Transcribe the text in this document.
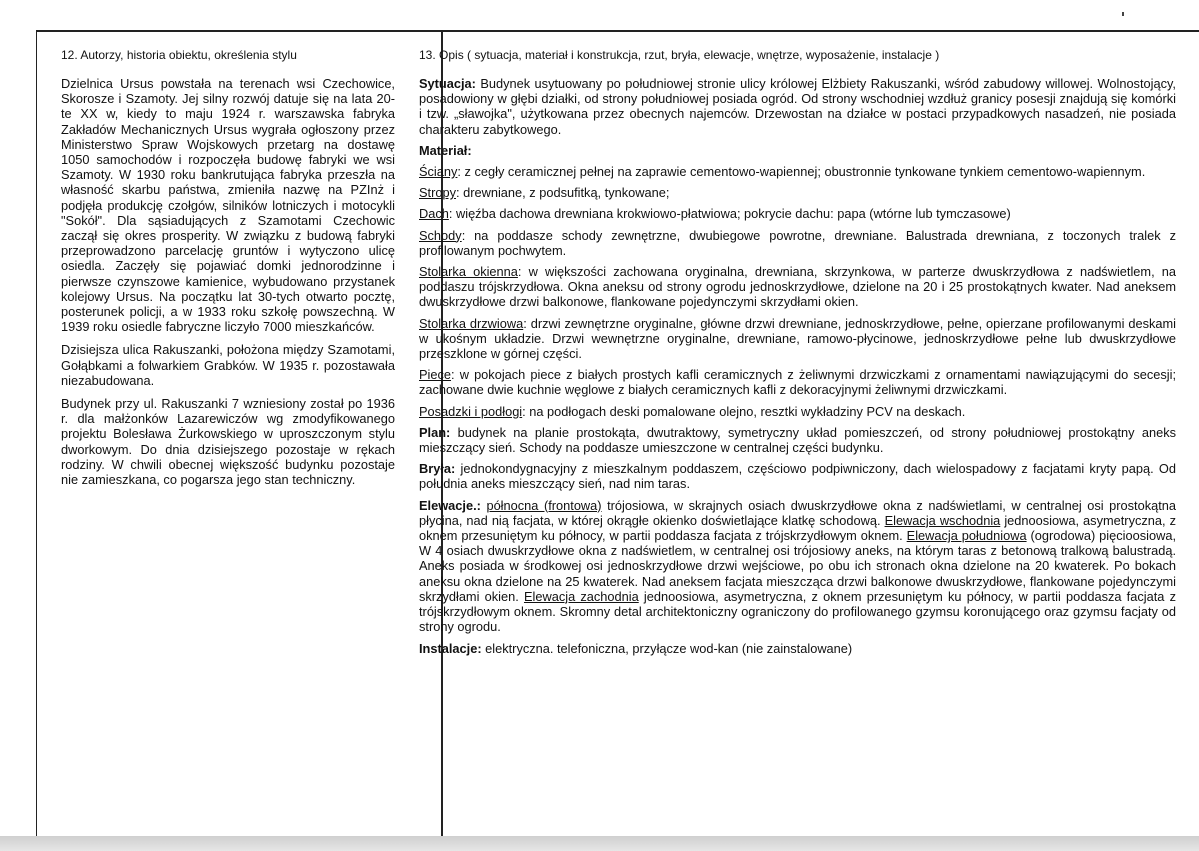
12. Autorzy, historia obiektu, określenia stylu

Dzielnica Ursus powstała na terenach wsi Czechowice, Skorosze i Szamoty. Jej silny rozwój datuje się na lata 20-te XX w, kiedy to maju 1924 r. warszawska fabryka Zakładów Mechanicznych Ursus wygrała ogłoszony przez Ministerstwo Spraw Wojskowych przetarg na dostawę 1050 samochodów i rozpoczęła budowę fabryki we wsi Szamoty. W 1930 roku bankrutująca fabryka przeszła na własność skarbu państwa, zmieniła nazwę na PZInż i podjęła produkcję czołgów, silników lotniczych i motocykli "Sokół". Dla sąsiadujących z Szamotami Czechowic zaczął się okres prosperity. W związku z budową fabryki przeprowadzono parcelację gruntów i wytyczono ulicę osiedla. Zaczęły się pojawiać domki jednorodzinne i pierwsze czynszowe kamienice, wybudowano przystanek kolejowy Ursus. Na początku lat 30-tych otwarto pocztę, posterunek policji, a w 1933 roku szkołę powszechną. W 1939 roku osiedle fabryczne liczyło 7000 mieszkańców.

Dzisiejsza ulica Rakuszanki, położona między Szamotami, Gołąbkami a folwarkiem Grabków. W 1935 r. pozostawała niezabudowana.

Budynek przy ul. Rakuszanki 7 wzniesiony został po 1936 r. dla małżonków Lazarewiczów wg zmodyfikowanego projektu Bolesława Żurkowskiego w uproszczonym stylu dworkowym. Do dnia dzisiejszego pozostaje w rękach rodziny. W chwili obecnej większość budynku pozostaje nie zamieszkana, co pogarsza jego stan techniczny.

13. Opis ( sytuacja, materiał i konstrukcja, rzut, bryła, elewacje, wnętrze, wyposażenie, instalacje )

Sytuacja: Budynek usytuowany po południowej stronie ulicy królowej Elżbiety Rakuszanki, wśród zabudowy willowej. Wolnostojący, posadowiony w głębi działki, od strony południowej posiada ogród. Od strony wschodniej wzdłuż granicy posesji znajdują się komórki i tzw. „sławojka", użytkowana przez obecnych najemców. Drzewostan na działce w postaci przypadkowych nasadzeń, nie posiada charakteru zabytkowego.

Materiał:

Ściany: z cegły ceramicznej pełnej na zaprawie cementowo-wapiennej; obustronnie tynkowane tynkiem cementowo-wapiennym.

Stropy: drewniane, z podsufitką, tynkowane;

Dach: więźba dachowa drewniana krokwiowo-płatwiowa; pokrycie dachu: papa (wtórne lub tymczasowe)

Schody: na poddasze schody zewnętrzne, dwubiegowe powrotne, drewniane. Balustrada drewniana, z toczonych tralek z profilowanym pochwytem.

Stolarka okienna: w większości zachowana oryginalna, drewniana, skrzynkowa, w parterze dwuskrzydłowa z nadświetlem, na poddaszu trójskrzydłowa. Okna aneksu od strony ogrodu jednoskrzydłowe, dzielone na 20 i 25 prostokątnych kwater. Nad aneksem dwuskrzydłowe drzwi balkonowe, flankowane pojedynczymi skrzydłami okien.

Stolarka drzwiowa: drzwi zewnętrzne oryginalne, główne drzwi drewniane, jednoskrzydłowe, pełne, opierzane profilowanymi deskami w ukośnym układzie. Drzwi wewnętrzne oryginalne, drewniane, ramowo-płycinowe, jednoskrzydłowe pełne lub dwuskrzydłowe przeszklone w górnej części.

Piece: w pokojach piece z białych prostych kafli ceramicznych z żeliwnymi drzwiczkami z ornamentami nawiązującymi do secesji; zachowane dwie kuchnie węglowe z białych ceramicznych kafli z dekoracyjnymi żeliwnymi drzwiczkami.

Posadzki i podłogi: na podłogach deski pomalowane olejno, resztki wykładziny PCV na deskach.

Plan: budynek na planie prostokąta, dwutraktowy, symetryczny układ pomieszczeń, od strony południowej prostokątny aneks mieszczący sień. Schody na poddasze umieszczone w centralnej części budynku.

Bryła: jednokondygnacyjny z mieszkalnym poddaszem, częściowo podpiwniczony, dach wielospadowy z facjatami kryty papą. Od południa aneks mieszczący sień, nad nim taras.

Elewacje.: północna (frontowa) trójosiowa, w skrajnych osiach dwuskrzydłowe okna z nadświetlami, w centralnej osi prostokątna płycina, nad nią facjata, w której okrągłe okienko doświetlające klatkę schodową. Elewacja wschodnia jednoosiowa, asymetryczna, z oknem przesuniętym ku północy, w partii poddasza facjata z trójskrzydłowym oknem. Elewacja południowa (ogrodowa) pięcioosiowa, W 4 osiach dwuskrzydłowe okna z nadświetlem, w centralnej osi trójosiowy aneks, na którym taras z betonową tralkową balustradą. Aneks posiada w środkowej osi jednoskrzydłowe drzwi wejściowe, po obu ich stronach okna dzielone na 20 kwaterek. Po bokach aneksu okna dzielone na 25 kwaterek. Nad aneksem facjata mieszcząca drzwi balkonowe dwuskrzydłowe, flankowane pojedynczymi skrzydłami okien. Elewacja zachodnia jednoosiowa, asymetryczna, z oknem przesuniętym ku północy, w partii poddasza facjata z trójskrzydłowym oknem. Skromny detal architektoniczny ograniczony do profilowanego gzymsu koronującego oraz gzymsu facjaty od strony ogrodu.

Instalacje: elektryczna. telefoniczna, przyłącze wod-kan (nie zainstalowane)
